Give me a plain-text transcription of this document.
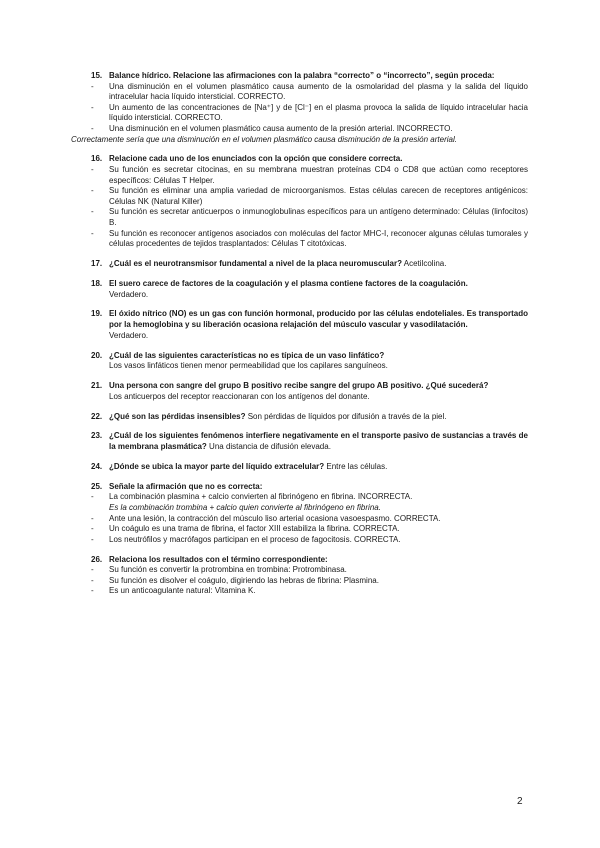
15. Balance hídrico. Relacione las afirmaciones con la palabra “correcto” o “incorrecto”, según proceda:
- Una disminución en el volumen plasmático causa aumento de la osmolaridad del plasma y la salida del líquido intracelular hacia líquido intersticial. CORRECTO.
- Un aumento de las concentraciones de [Na⁺] y de [Cl⁻] en el plasma provoca la salida de líquido intracelular hacia líquido intersticial. CORRECTO.
- Una disminución en el volumen plasmático causa aumento de la presión arterial. INCORRECTO.
Correctamente sería que una disminución en el volumen plasmático causa disminución de la presión arterial.
16. Relacione cada uno de los enunciados con la opción que considere correcta.
- Su función es secretar citocinas, en su membrana muestran proteínas CD4 o CD8 que actúan como receptores específicos: Células T Helper.
- Su función es eliminar una amplia variedad de microorganismos. Estas células carecen de receptores antigénicos: Células NK (Natural Killer)
- Su función es secretar anticuerpos o inmunoglobulinas específicos para un antígeno determinado: Células (linfocitos) B.
- Su función es reconocer antígenos asociados con moléculas del factor MHC-I, reconocer algunas células tumorales y células procedentes de tejidos trasplantados: Células T citotóxicas.
17. ¿Cuál es el neurotransmisor fundamental a nivel de la placa neuromuscular? Acetilcolina.
18. El suero carece de factores de la coagulación y el plasma contiene factores de la coagulación.
Verdadero.
19. El óxido nítrico (NO) es un gas con función hormonal, producido por las células endoteliales. Es transportado por la hemoglobina y su liberación ocasiona relajación del músculo vascular y vasodilatación.
Verdadero.
20. ¿Cuál de las siguientes características no es típica de un vaso linfático?
Los vasos linfáticos tienen menor permeabilidad que los capilares sanguíneos.
21. Una persona con sangre del grupo B positivo recibe sangre del grupo AB positivo. ¿Qué sucederá?
Los anticuerpos del receptor reaccionaran con los antígenos del donante.
22. ¿Qué son las pérdidas insensibles? Son pérdidas de líquidos por difusión a través de la piel.
23. ¿Cuál de los siguientes fenómenos interfiere negativamente en el transporte pasivo de sustancias a través de la membrana plasmática? Una distancia de difusión elevada.
24. ¿Dónde se ubica la mayor parte del líquido extracelular? Entre las células.
25. Señale la afirmación que no es correcta:
- La combinación plasmina + calcio convierten al fibrinógeno en fibrina. INCORRECTA.
Es la combinación trombina + calcio quien convierte al fibrinógeno en fibrina.
- Ante una lesión, la contracción del músculo liso arterial ocasiona vasoespasmo. CORRECTA.
- Un coágulo es una trama de fibrina, el factor XIII estabiliza la fibrina. CORRECTA.
- Los neutrófilos y macrófagos participan en el proceso de fagocitosis. CORRECTA.
26. Relaciona los resultados con el término correspondiente:
- Su función es convertir la protrombina en trombina: Protrombinasa.
- Su función es disolver el coágulo, digiriendo las hebras de fibrina: Plasmina.
- Es un anticoagulante natural: Vitamina K.
2
